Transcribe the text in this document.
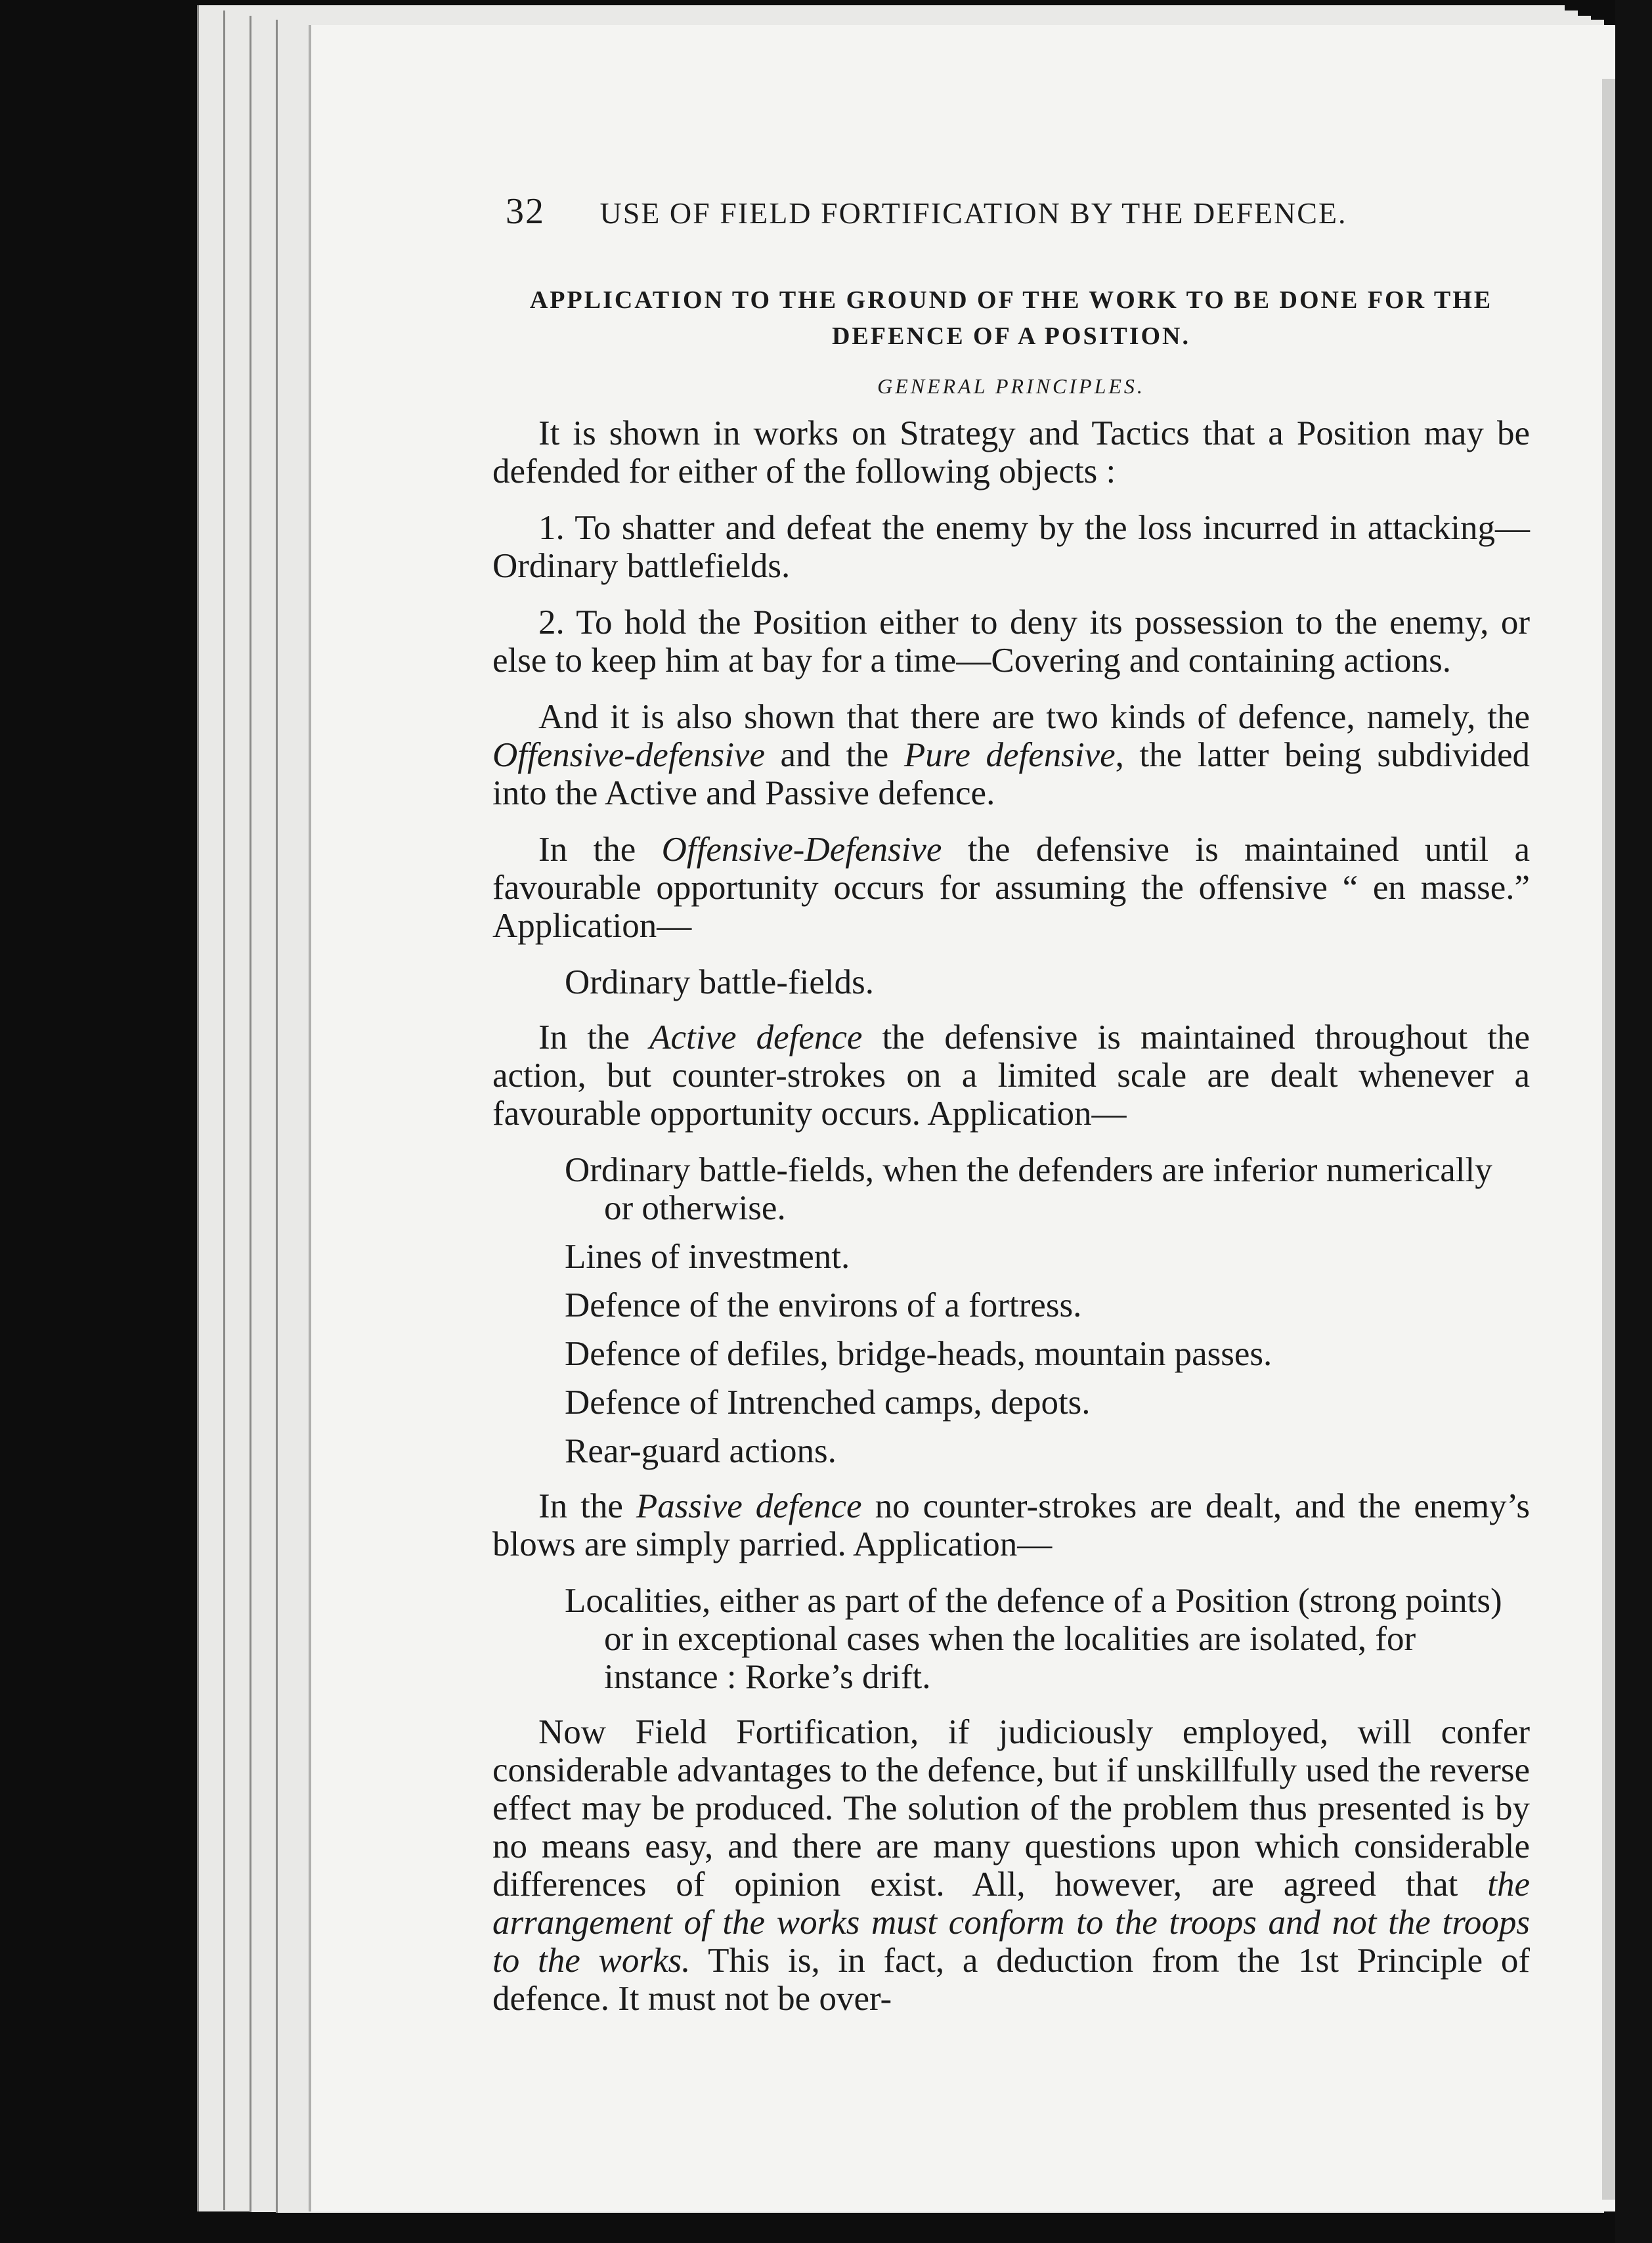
32 USE OF FIELD FORTIFICATION BY THE DEFENCE.
APPLICATION TO THE GROUND OF THE WORK TO BE DONE FOR THE DEFENCE OF A POSITION.
GENERAL PRINCIPLES.

It is shown in works on Strategy and Tactics that a Position may be defended for either of the following objects :

1. To shatter and defeat the enemy by the loss incurred in attacking—Ordinary battlefields.

2. To hold the Position either to deny its possession to the enemy, or else to keep him at bay for a time—Covering and containing actions.

And it is also shown that there are two kinds of defence, namely, the Offensive-defensive and the Pure defensive, the latter being subdivided into the Active and Passive defence.

In the Offensive-Defensive the defensive is maintained until a favourable opportunity occurs for assuming the offensive “ en masse.” Application—

Ordinary battle-fields.

In the Active defence the defensive is maintained throughout the action, but counter-strokes on a limited scale are dealt whenever a favourable opportunity occurs. Application—

Ordinary battle-fields, when the defenders are inferior numerically or otherwise.
Lines of investment.
Defence of the environs of a fortress.
Defence of defiles, bridge-heads, mountain passes.
Defence of Intrenched camps, depots.
Rear-guard actions.

In the Passive defence no counter-strokes are dealt, and the enemy’s blows are simply parried. Application—

Localities, either as part of the defence of a Position (strong points) or in exceptional cases when the localities are isolated, for instance : Rorke’s drift.

Now Field Fortification, if judiciously employed, will confer considerable advantages to the defence, but if unskillfully used the reverse effect may be produced. The solution of the problem thus presented is by no means easy, and there are many questions upon which considerable differences of opinion exist. All, however, are agreed that the arrangement of the works must conform to the troops and not the troops to the works. This is, in fact, a deduction from the 1st Principle of defence. It must not be over-
